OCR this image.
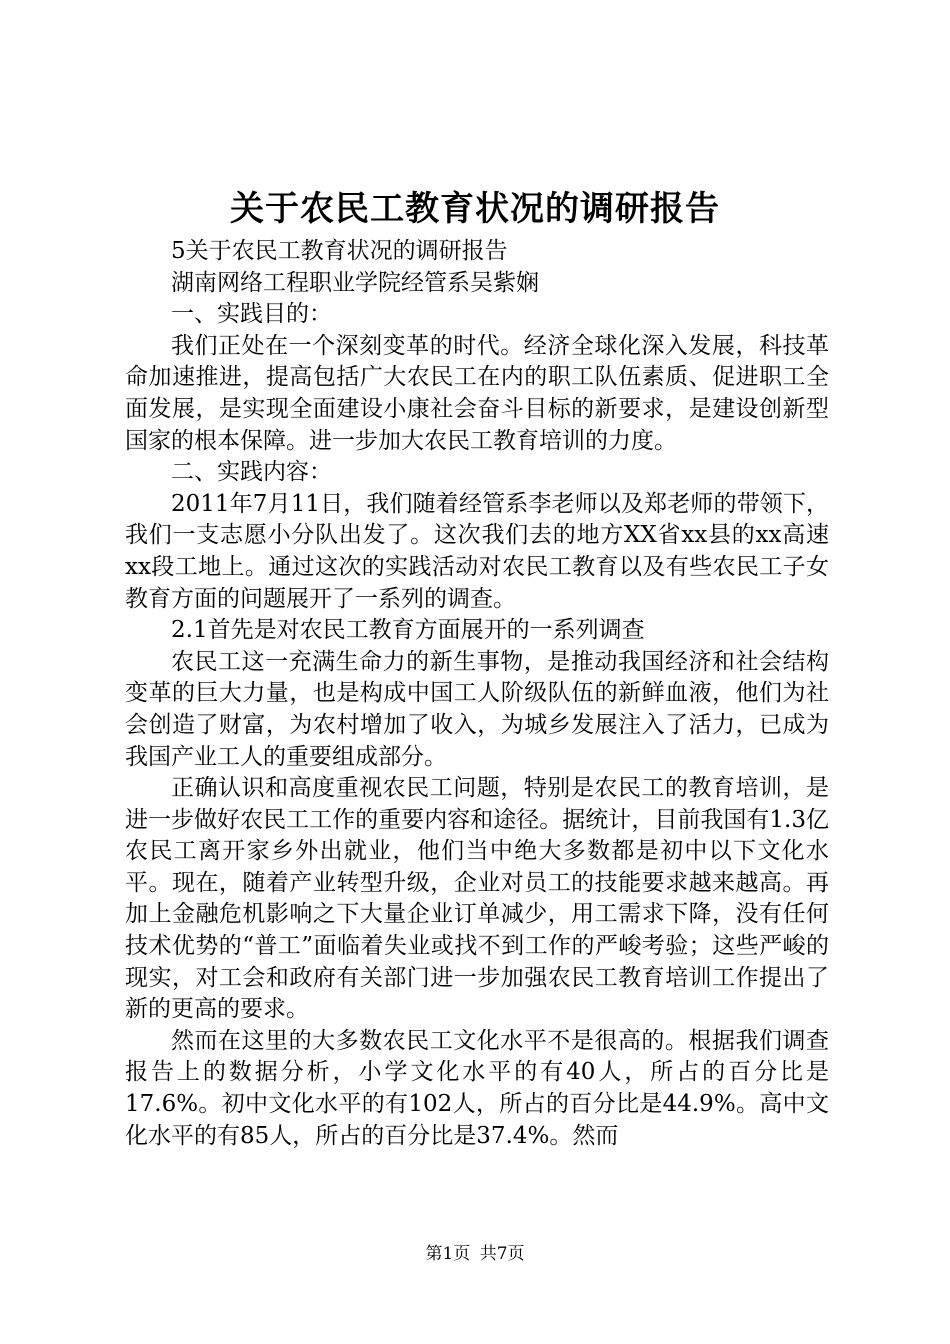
关于农民工教育状况的调研报告

5关于农民工教育状况的调研报告

湖南网络工程职业学院经管系吴紫娴

一、实践目的：

我们正处在一个深刻变革的时代。经济全球化深入发展，科技革命加速推进，提高包括广大农民工在内的职工队伍素质、促进职工全面发展，是实现全面建设小康社会奋斗目标的新要求，是建设创新型国家的根本保障。进一步加大农民工教育培训的力度。

二、实践内容：

2011年7月11日，我们随着经管系李老师以及郑老师的带领下，我们一支志愿小分队出发了。这次我们去的地方XX省xx县的xx高速xx段工地上。通过这次的实践活动对农民工教育以及有些农民工子女教育方面的问题展开了一系列的调查。

2.1首先是对农民工教育方面展开的一系列调查

农民工这一充满生命力的新生事物，是推动我国经济和社会结构变革的巨大力量，也是构成中国工人阶级队伍的新鲜血液，他们为社会创造了财富，为农村增加了收入，为城乡发展注入了活力，已成为我国产业工人的重要组成部分。

正确认识和高度重视农民工问题，特别是农民工的教育培训，是进一步做好农民工工作的重要内容和途径。据统计，目前我国有1.3亿农民工离开家乡外出就业，他们当中绝大多数都是初中以下文化水平。现在，随着产业转型升级，企业对员工的技能要求越来越高。再加上金融危机影响之下大量企业订单减少，用工需求下降，没有任何技术优势的“普工”面临着失业或找不到工作的严峻考验；这些严峻的现实，对工会和政府有关部门进一步加强农民工教育培训工作提出了新的更高的要求。

然而在这里的大多数农民工文化水平不是很高的。根据我们调查报告上的数据分析，小学文化水平的有40人，所占的百分比是17.6%。初中文化水平的有102人，所占的百分比是44.9%。高中文化水平的有85人，所占的百分比是37.4%。然而

第1页 共7页
